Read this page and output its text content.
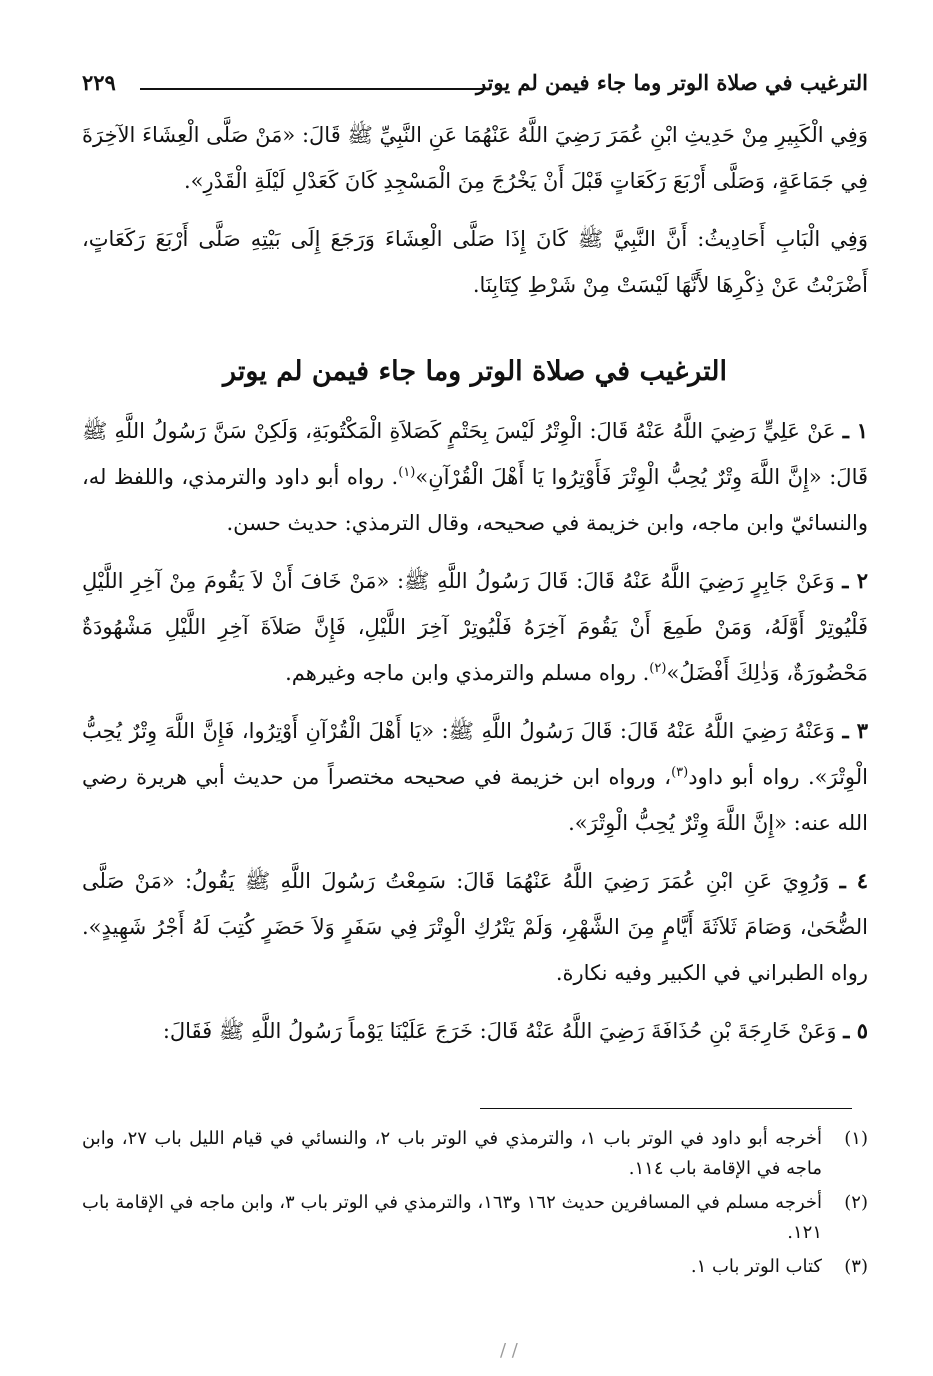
الترغيب في صلاة الوتر وما جاء فيمن لم يوتر
٢٢٩

وَفِي الْكَبِيرِ مِنْ حَدِيثِ ابْنِ عُمَرَ رَضِيَ اللَّهُ عَنْهُمَا عَنِ النَّبِيِّ ﷺ قَالَ: «مَنْ صَلَّى الْعِشَاءَ الآخِرَةَ فِي جَمَاعَةٍ، وَصَلَّى أَرْبَعَ رَكَعَاتٍ قَبْلَ أَنْ يَخْرُجَ مِنَ الْمَسْجِدِ كَانَ كَعَدْلِ لَيْلَةِ الْقَدْرِ».

وَفِي الْبَابِ أَحَادِيثُ: أَنَّ النَّبِيَّ ﷺ كَانَ إِذَا صَلَّى الْعِشَاءَ وَرَجَعَ إِلَى بَيْتِهِ صَلَّى أَرْبَعَ رَكَعَاتٍ، أَضْرَبْتُ عَنْ ذِكْرِهَا لأَنَّهَا لَيْسَتْ مِنْ شَرْطِ كِتَابِنَا.

الترغيب في صلاة الوتر وما جاء فيمن لم يوتر

١ ـ عَنْ عَلِيٍّ رَضِيَ اللَّهُ عَنْهُ قَالَ: الْوِتْرُ لَيْسَ بِحَتْمٍ كَصَلاَةِ الْمَكْتُوبَةِ، وَلَكِنْ سَنَّ رَسُولُ اللَّهِ ﷺ قَالَ: «إِنَّ اللَّهَ وِتْرٌ يُحِبُّ الْوِتْرَ فَأَوْتِرُوا يَا أَهْلَ الْقُرْآنِ»$^{(١)}$. رواه أبو داود والترمذي، واللفظ له، والنسائيّ وابن ماجه، وابن خزيمة في صحيحه، وقال الترمذي: حديث حسن.

٢ ـ وَعَنْ جَابِرٍ رَضِيَ اللَّهُ عَنْهُ قَالَ: قَالَ رَسُولُ اللَّهِ ﷺ: «مَنْ خَافَ أَنْ لاَ يَقُومَ مِنْ آخِرِ اللَّيْلِ فَلْيُوتِرْ أَوَّلَهُ، وَمَنْ طَمِعَ أَنْ يَقُومَ آخِرَهُ فَلْيُوتِرْ آخِرَ اللَّيْلِ، فَإِنَّ صَلاَةَ آخِرِ اللَّيْلِ مَشْهُودَةٌ مَحْضُورَةٌ، وَذٰلِكَ أَفْضَلُ»$^{(٢)}$. رواه مسلم والترمذي وابن ماجه وغيرهم.

٣ ـ وَعَنْهُ رَضِيَ اللَّهُ عَنْهُ قَالَ: قَالَ رَسُولُ اللَّهِ ﷺ: «يَا أَهْلَ الْقُرْآنِ أَوْتِرُوا، فَإِنَّ اللَّهَ وِتْرٌ يُحِبُّ الْوِتْرَ». رواه أبو داود$^{(٣)}$، ورواه ابن خزيمة في صحيحه مختصراً من حديث أبي هريرة رضي الله عنه: «إِنَّ اللَّهَ وِتْرٌ يُحِبُّ الْوِتْرَ».

٤ ـ وَرُوِيَ عَنِ ابْنِ عُمَرَ رَضِيَ اللَّهُ عَنْهُمَا قَالَ: سَمِعْتُ رَسُولَ اللَّهِ ﷺ يَقُولُ: «مَنْ صَلَّى الضُّحَىٰ، وَصَامَ ثَلاَثَةَ أَيَّامٍ مِنَ الشَّهْرِ، وَلَمْ يَتْرُكِ الْوِتْرَ فِي سَفَرٍ وَلاَ حَضَرٍ كُتِبَ لَهُ أَجْرُ شَهِيدٍ». رواه الطبراني في الكبير وفيه نكارة.

٥ ـ وَعَنْ خَارِجَةَ بْنِ حُذَافَةَ رَضِيَ اللَّهُ عَنْهُ قَالَ: خَرَجَ عَلَيْنَا يَوْماً رَسُولُ اللَّهِ ﷺ فَقَالَ:

(١)
أخرجه أبو داود في الوتر باب ١، والترمذي في الوتر باب ٢، والنسائي في قيام الليل باب ٢٧، وابن ماجه في الإقامة باب ١١٤.
(٢)
أخرجه مسلم في المسافرين حديث ١٦٢ و١٦٣، والترمذي في الوتر باب ٣، وابن ماجه في الإقامة باب ١٢١.
(٣)
كتاب الوتر باب ١.
/ /
